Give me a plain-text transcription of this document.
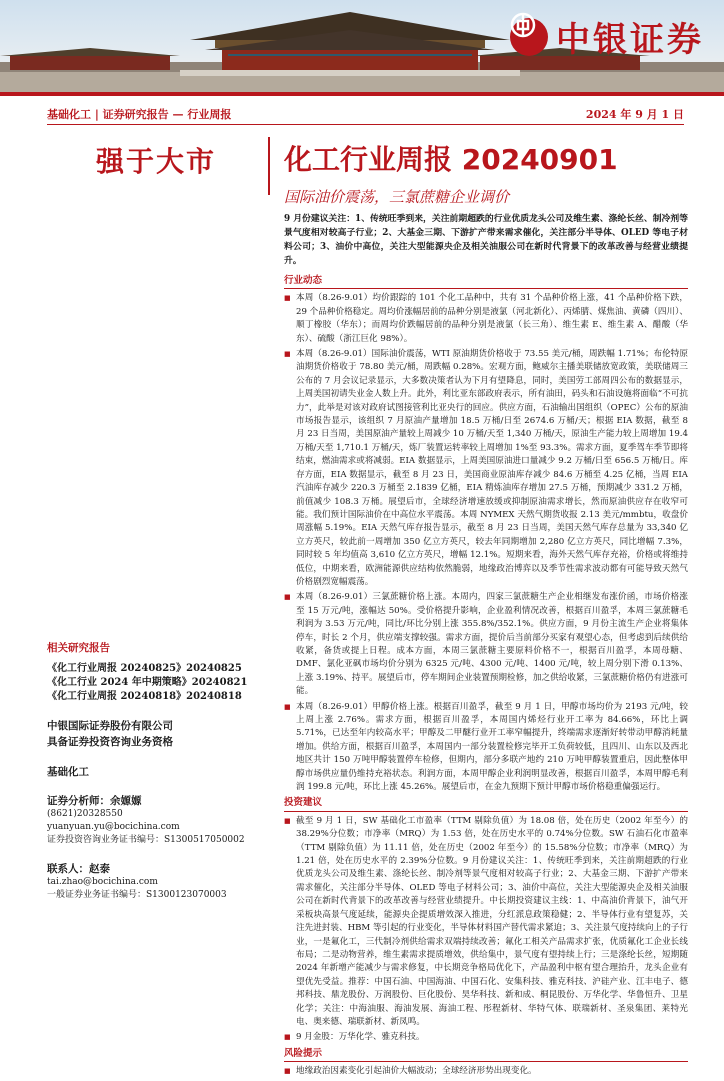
中银证券
基础化工 | 证券研究报告 — 行业周报	2024 年 9 月 1 日
强于大市 化工行业周报 20240901
国际油价震荡，三氯蔗糖企业调价

9 月份建议关注：1、传统旺季到来，关注前期超跌的行业优质龙头公司及维生素、涤纶长丝、制冷剂等景气度相对较高子行业；2、大基金三期、下游扩产带来需求催化，关注部分半导体、OLED 等电子材料公司；3、油价中高位，关注大型能源央企及相关油服公司在新时代背景下的改革改善与经营业绩提升。

行业动态

■ 本周（8.26-9.01）均价跟踪的 101 个化工品种中，共有 31 个品种价格上涨，41 个品种价格下跌，29 个品种价格稳定。周均价涨幅居前的品种分别是液氯（河北新化）、丙烯腈、煤焦油、黄磷（四川）、顺丁橡胶（华东）；而周均价跌幅居前的品种分别是液氯（长三角）、维生素 E、维生素 A、醋酸（华东）、硫酸（浙江巨化 98%）。

■ 本周（8.26-9.01）国际油价震荡，WTI 原油期货价格收于 73.55 美元/桶，周跌幅 1.71%；布伦特原油期货价格收于 78.80 美元/桶，周跌幅 0.28%。宏观方面，鲍威尔主播美联储放宽政策，美联储周三公布的 7 月会议记录显示，大多数决策者认为下月有望降息，同时，美国劳工部周四公布的数据显示，上周美国初请失业金人数上升。此外，利比亚东部政府表示，所有油田，码头和石油设施将面临“不可抗力”，此举是对该对政府试图接管利比亚央行的回应。供应方面，石油输出国组织（OPEC）公布的原油市场报告显示，该组织 7 月原油产量增加 18.5 万桶/日至 2674.6 万桶/天；根据 EIA 数据，截至 8 月 23 日当周，美国原油产量较上周减少 10 万桶/天至 1,340 万桶/天，原油生产能力较上周增加 19.4 万桶/天至 1,710.1 万桶/天，炼厂装置运转率较上周增加 1%至 93.3%。需求方面，夏季驾车季节即将结束，燃油需求或将减弱。EIA 数据显示，上周美国原油进口量减少 9.2 万桶/日至 656.5 万桶/日。库存方面，EIA 数据显示，截至 8 月 23 日，美国商业原油库存减少 84.6 万桶至 4.25 亿桶，当周 EIA 汽油库存减少 220.3 万桶至 2.1839 亿桶，EIA 精炼油库存增加 27.5 万桶，预期减少 331.2 万桶，前值减少 108.3 万桶。展望后市，全球经济增速放缓或抑制原油需求增长，然而原油供应存在收窄可能。我们预计国际油价在中高位水平震荡。本周 NYMEX 天然气期货收报 2.13 美元/mmbtu，收盘价周涨幅 5.19%。EIA 天然气库存报告显示，截至 8 月 23 日当周，美国天然气库存总量为 33,340 亿立方英尺，较此前一周增加 350 亿立方英尺，较去年同期增加 2,280 亿立方英尺，同比增幅 7.3%，同时较 5 年均值高 3,610 亿立方英尺，增幅 12.1%。短期来看，海外天然气库存充裕，价格或将维持低位，中期来看，欧洲能源供应结构依然脆弱，地缘政治博弈以及季节性需求波动都有可能导致天然气价格剧烈宽幅震荡。

■ 本周（8.26-9.01）三氯蔗糖价格上涨。本周内，四家三氯蔗糖生产企业相继发布涨价函，市场价格涨至 15 万元/吨，涨幅达 50%。受价格提升影响，企业盈利情况改善，根据百川盈孚，本周三氯蔗糖毛利润为 3.53 万元/吨，同比/环比分别上涨 355.8%/352.1%。供应方面，9 月份主流生产企业将集体停车，时长 2 个月，供应端支撑较强。需求方面，提价后当前部分买家有观望心态，但考虑到后续供给收紧，备货或提上日程。成本方面，本周三氯蔗糖主要原料价格不一，根据百川盈孚，本周母糖、DMF、氯化亚砜市场均价分别为 6325 元/吨、4300 元/吨、1400 元/吨，较上周分别下滑 0.13%、上涨 3.19%、持平。展望后市，停车期间企业装置预期检修，加之供给收紧，三氯蔗糖价格仍有进涨可能。

■ 本周（8.26-9.01）甲醇价格上涨。根据百川盈孚，截至 9 月 1 日，甲醇市场均价为 2193 元/吨，较上周上涨 2.76%。需求方面，根据百川盈孚，本周国内烯烃行业开工率为 84.66%，环比上调 5.71%，已达至年内较高水平；甲醇及二甲醚行业开工率窄幅提升，终端需求逐渐好转带动甲醇消耗量增加。供给方面，根据百川盈孚，本周国内一部分装置检修完毕开工负荷较低，且四川、山东以及西北地区共计 150 万吨甲醇装置停车检修，但期内，部分多联产地约 210 万吨甲醇装置重启，因此整体甲醇市场供应量仍维持充裕状态。利润方面，本周甲醇企业利润明显改善，根据百川盈孚，本周甲醇毛利润 199.8 元/吨，环比上涨 45.26%。展望后市，在金九预期下预计甲醇市场价格稳重偏强运行。

投资建议

■ 截至 9 月 1 日，SW 基础化工市盈率（TTM 剔除负值）为 18.08 倍，处在历史（2002 年至今）的 38.29%分位数；市净率（MRQ）为 1.53 倍，处在历史水平的 0.74%分位数。SW 石油石化市盈率（TTM 剔除负值）为 11.11 倍，处在历史（2002 年至今）的 15.58%分位数；市净率（MRQ）为 1.21 倍，处在历史水平的 2.39%分位数。9 月份建议关注：1、传统旺季到来，关注前期超跌的行业优质龙头公司及维生素、涤纶长丝、制冷剂等景气度相对较高子行业；2、大基金三期、下游扩产带来需求催化，关注部分半导体、OLED 等电子材料公司；3、油价中高位，关注大型能源央企及相关油服公司在新时代背景下的改革改善与经营业绩提升。中长期投资建议主线：1、中高油价背景下，油气开采板块高景气度延续，能源央企提质增效深入推进，分红派息政策稳健；2、半导体行业有望复苏，关注先进封装、HBM 等引起的行业变化，半导体材料国产替代需求紧迫；3、关注景气度持续向上的子行业，一是氟化工，三代制冷剂供给需求双端持续改善；氟化工相关产品需求扩张，优质氟化工企业长线布局；二是动物营养，维生素需求提质增效，供给集中，景气度有望持续上行；三是涤纶长丝，短期随 2024 年新增产能减少与需求修复，中长期竞争格局优化下，产品盈利中枢有望合理抬升，龙头企业有望优先受益。推荐：中国石油、中国海油、中国石化、安集科技、雅克科技、沪硅产业、江丰电子、德邦科技、鼎龙股份、万润股份、巨化股份、昊华科技、新和成、桐昆股份、万华化学、华鲁恒升、卫星化学；关注：中海油服、海油发展、海油工程、彤程新材、华特气体、联瑞新材、圣泉集团、莱特光电、奥来德、瑞联新材、新凤鸣。

■ 9 月金股：万华化学、雅克科技。

风险提示

■ 地缘政治因素变化引起油价大幅波动；全球经济形势出现变化。

相关研究报告
《化工行业周报 20240825》20240825
《化工行业 2024 年中期策略》20240821
《化工行业周报 20240818》20240818
中银国际证券股份有限公司
具备证券投资咨询业务资格
基础化工
证券分析师：余嫄嫄
(8621)20328550
yuanyuan.yu@bocichina.com
证券投资咨询业务证书编号：S1300517050002
联系人：赵泰
tai.zhao@bocichina.com
一般证券业务证书编号：S1300123070003
